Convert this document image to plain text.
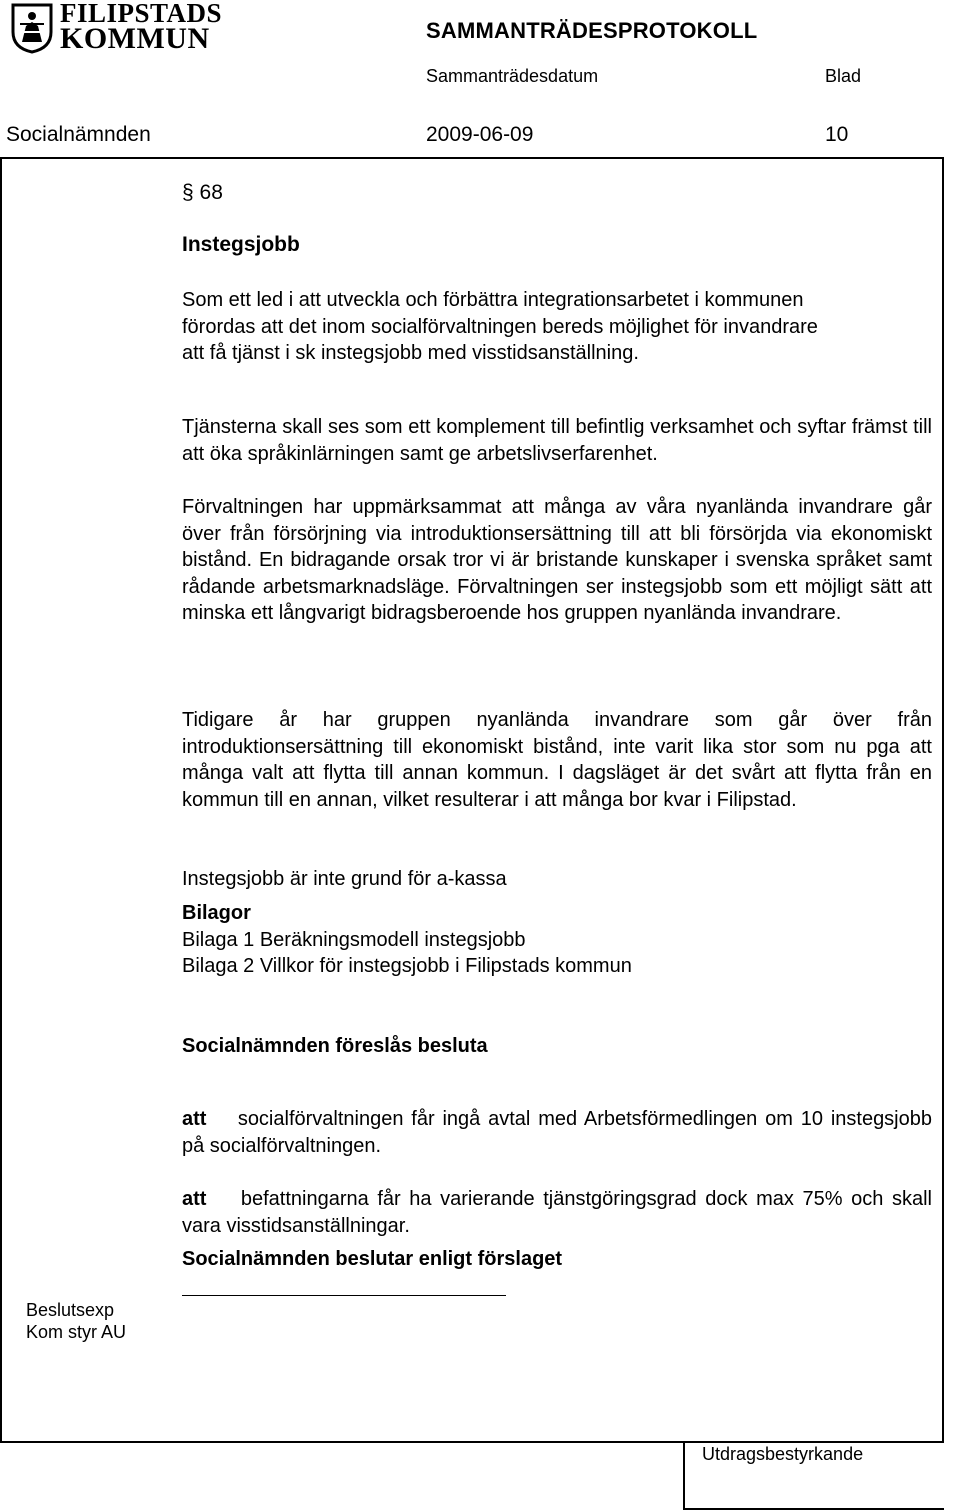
FILIPSTADS
KOMMUN	SAMMANTRÄDESPROTOKOLL
Sammanträdesdatum	Blad
Socialnämnden	2009-06-09	10
§ 68
Instegsjobb
Som ett led i att utveckla och förbättra integrationsarbetet i kommunen
förordas att det inom socialförvaltningen bereds möjlighet för invandrare
att få tjänst i sk instegsjobb med visstidsanställning.

Tjänsterna skall ses som ett komplement till befintlig verksamhet och syftar främst till att öka språkinlärningen samt ge arbetslivserfarenhet.

Förvaltningen har uppmärksammat att många av våra nyanlända invandrare går över från försörjning via introduktionsersättning till att bli försörjda via ekonomiskt bistånd. En bidragande orsak tror vi är bristande kunskaper i svenska språket samt rådande arbetsmarknadsläge. Förvaltningen ser instegsjobb som ett möjligt sätt att minska ett långvarigt bidragsberoende hos gruppen nyanlända invandrare.

Tidigare år har gruppen nyanlända invandrare som går över från introduktionsersättning till ekonomiskt bistånd, inte varit lika stor som nu pga att många valt att flytta till annan kommun. I dagsläget är det svårt att flytta från en kommun till en annan, vilket resulterar i att många bor kvar i Filipstad.

Instegsjobb är inte grund för a-kassa

Bilagor
Bilaga 1 Beräkningsmodell instegsjobb
Bilaga 2 Villkor för instegsjobb i Filipstads kommun
Socialnämnden föreslås besluta

att socialförvaltningen får ingå avtal med Arbetsförmedlingen om 10 instegsjobb på socialförvaltningen.

att befattningarna får ha varierande tjänstgöringsgrad dock max 75% och skall vara visstidsanställningar.

Socialnämnden beslutar enligt förslaget
Beslutsexp
Kom styr AU
Utdragsbestyrkande
